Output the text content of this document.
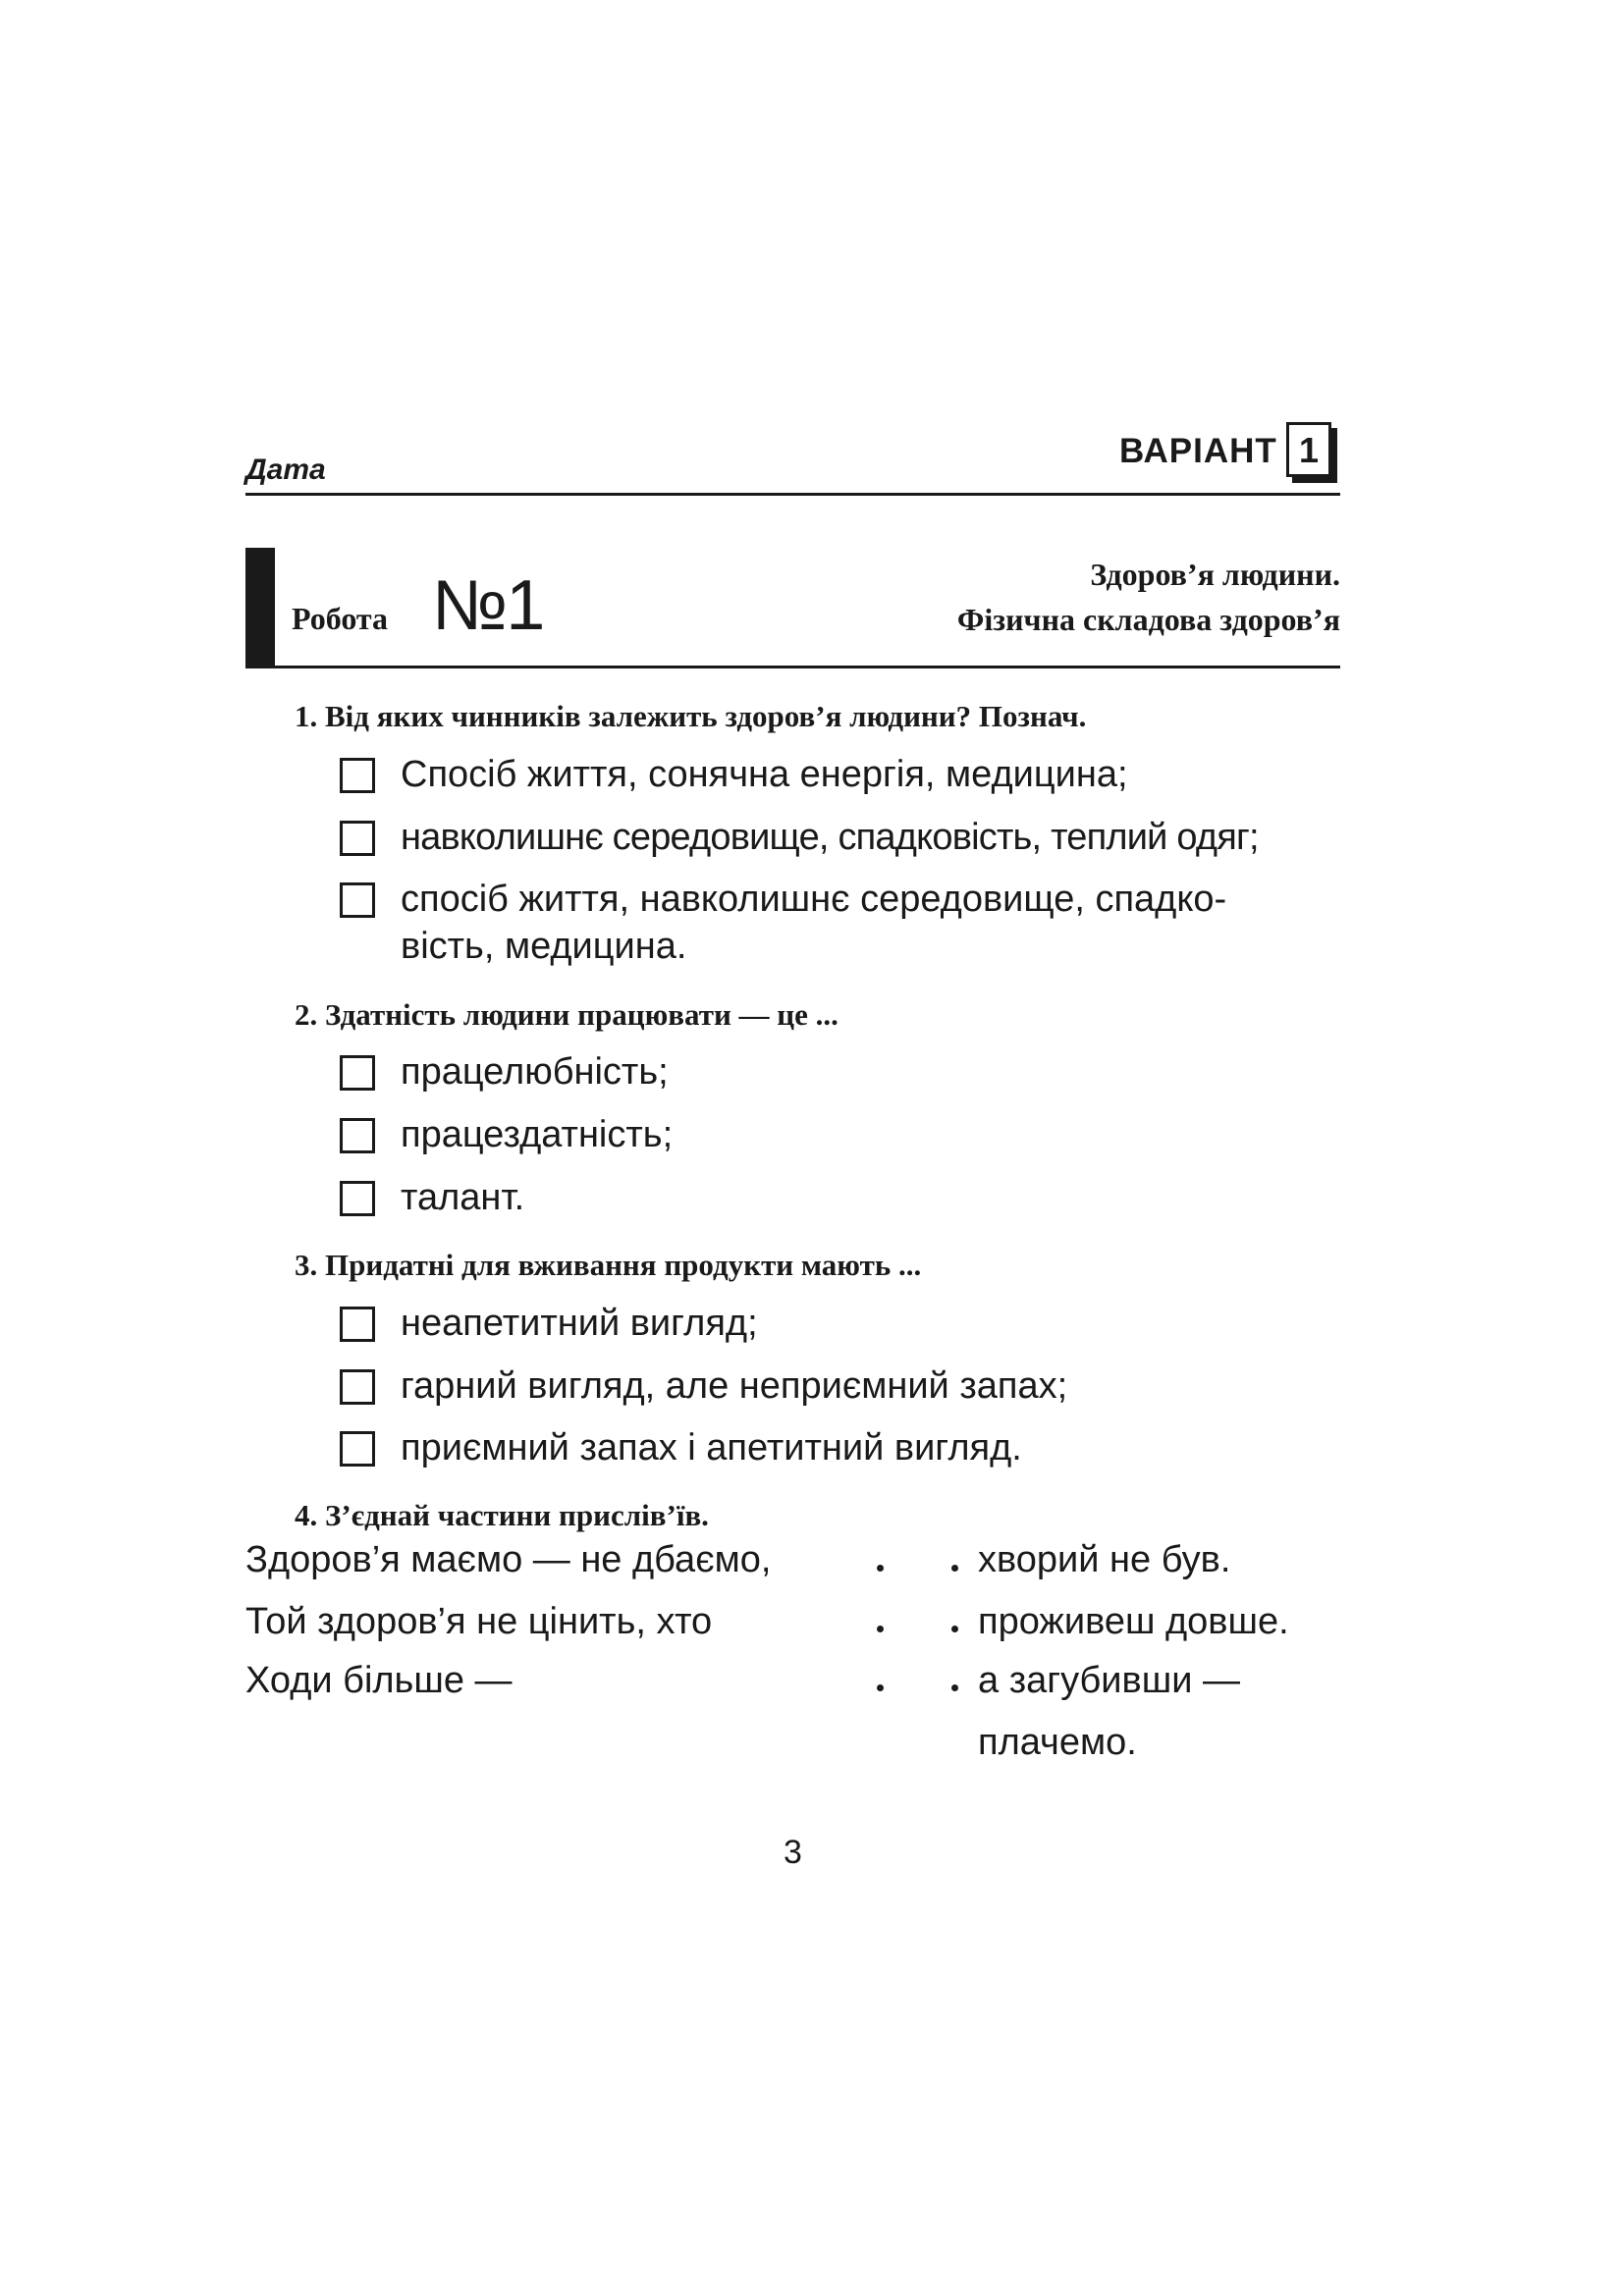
Дата	ВАРІАНТ 1
Робота №1	Здоров’я людини.
Фізична складова здоров’я
1. Від яких чинників залежить здоров’я людини? Познач.
Спосіб життя, сонячна енергія, медицина;
навколишнє середовище, спадковість, теплий одяг;
спосіб життя, навколишнє середовище, спадко-
вість, медицина.
2. Здатність людини працювати — це ...
працелюбність;
працездатність;
талант.
3. Придатні для вживання продукти мають ...
неапетитний вигляд;
гарний вигляд, але неприємний запах;
приємний запах і апетитний вигляд.
4. З’єднай частини прислів’їв.
Здоров’я маємо — не дбаємо,
Той здоров’я не цінить, хто
Ходи більше —
хворий не був.
проживеш довше.
а загубивши —
плачемо.
3
